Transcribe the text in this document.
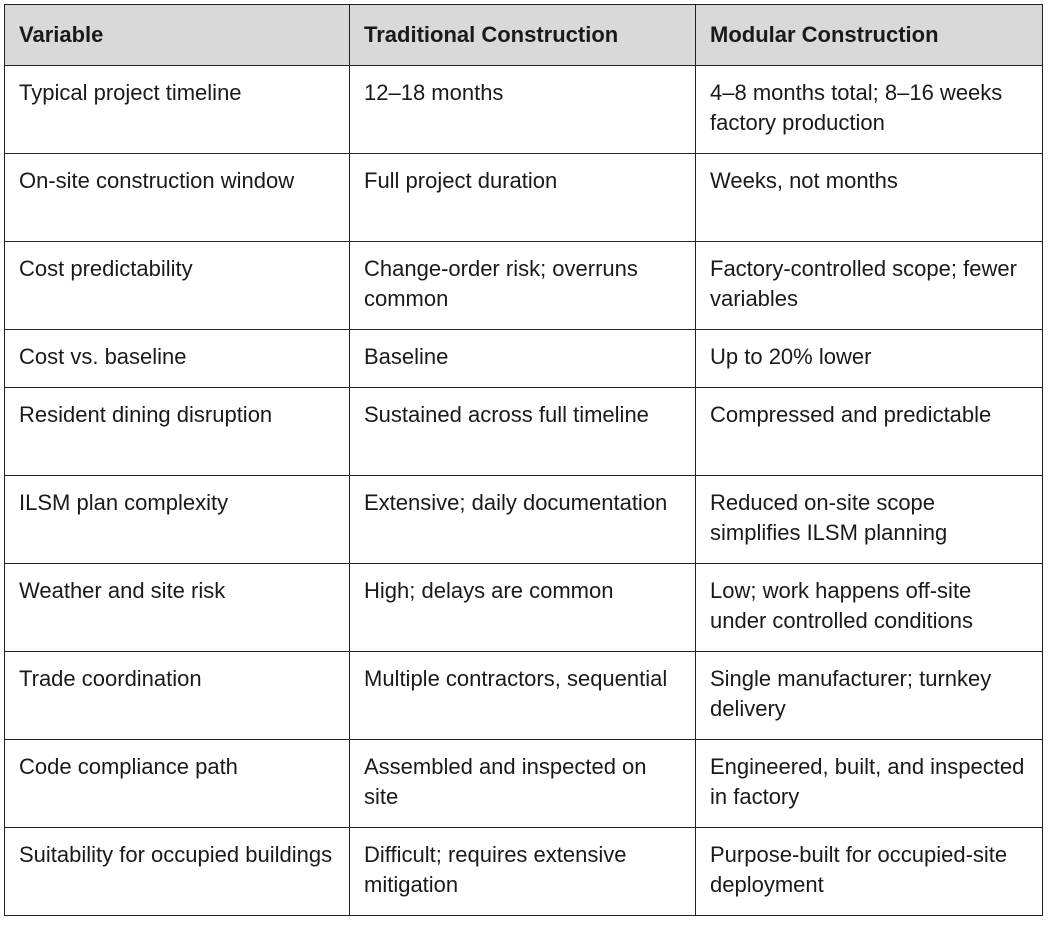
Variable	Traditional Construction	Modular Construction
Typical project timeline	12–18 months	4–8 months total; 8–16 weeks factory production
On-site construction window	Full project duration	Weeks, not months
Cost predictability	Change-order risk; overruns common	Factory-controlled scope; fewer variables
Cost vs. baseline	Baseline	Up to 20% lower
Resident dining disruption	Sustained across full timeline	Compressed and predictable
ILSM plan complexity	Extensive; daily documentation	Reduced on-site scope simplifies ILSM planning
Weather and site risk	High; delays are common	Low; work happens off-site under controlled conditions
Trade coordination	Multiple contractors, sequential	Single manufacturer; turnkey delivery
Code compliance path	Assembled and inspected on site	Engineered, built, and inspected in factory
Suitability for occupied buildings	Difficult; requires extensive mitigation	Purpose-built for occupied-site deployment
